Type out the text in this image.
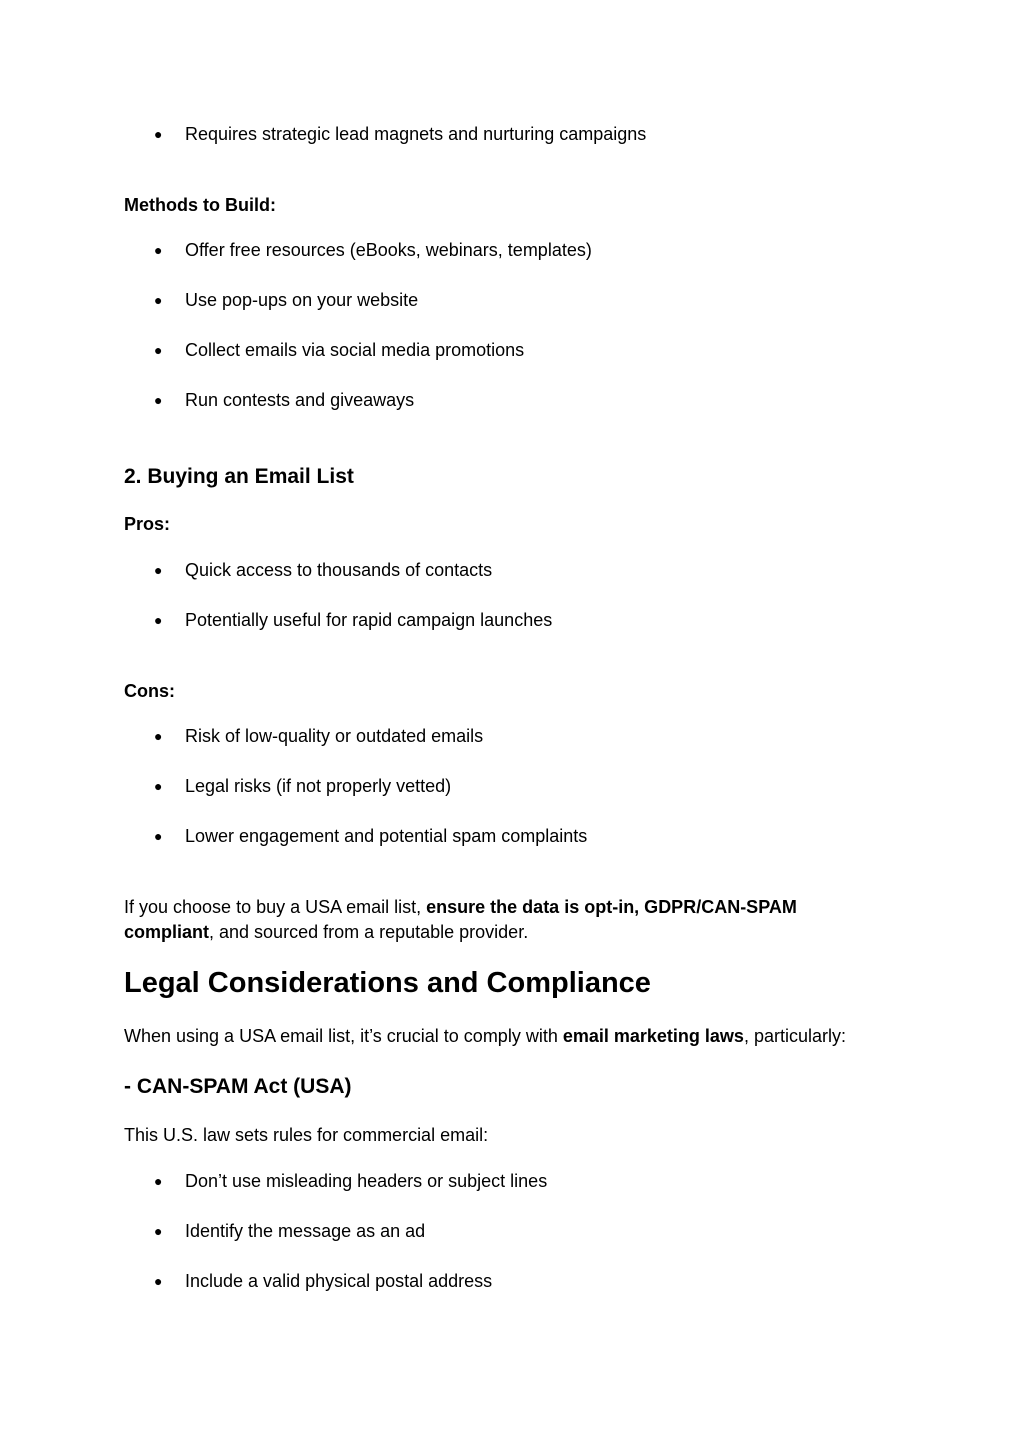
●	Requires strategic lead magnets and nurturing campaigns

Methods to Build:

●	Offer free resources (eBooks, webinars, templates)
●	Use pop-ups on your website
●	Collect emails via social media promotions
●	Run contests and giveaways
2. Buying an Email List

Pros:

●	Quick access to thousands of contacts
●	Potentially useful for rapid campaign launches

Cons:

●	Risk of low-quality or outdated emails
●	Legal risks (if not properly vetted)
●	Lower engagement and potential spam complaints

If you choose to buy a USA email list, ensure the data is opt-in, GDPR/CAN-SPAM compliant, and sourced from a reputable provider.

Legal Considerations and Compliance

When using a USA email list, it’s crucial to comply with email marketing laws, particularly:

- CAN-SPAM Act (USA)

This U.S. law sets rules for commercial email:

●	Don’t use misleading headers or subject lines
●	Identify the message as an ad
●	Include a valid physical postal address
